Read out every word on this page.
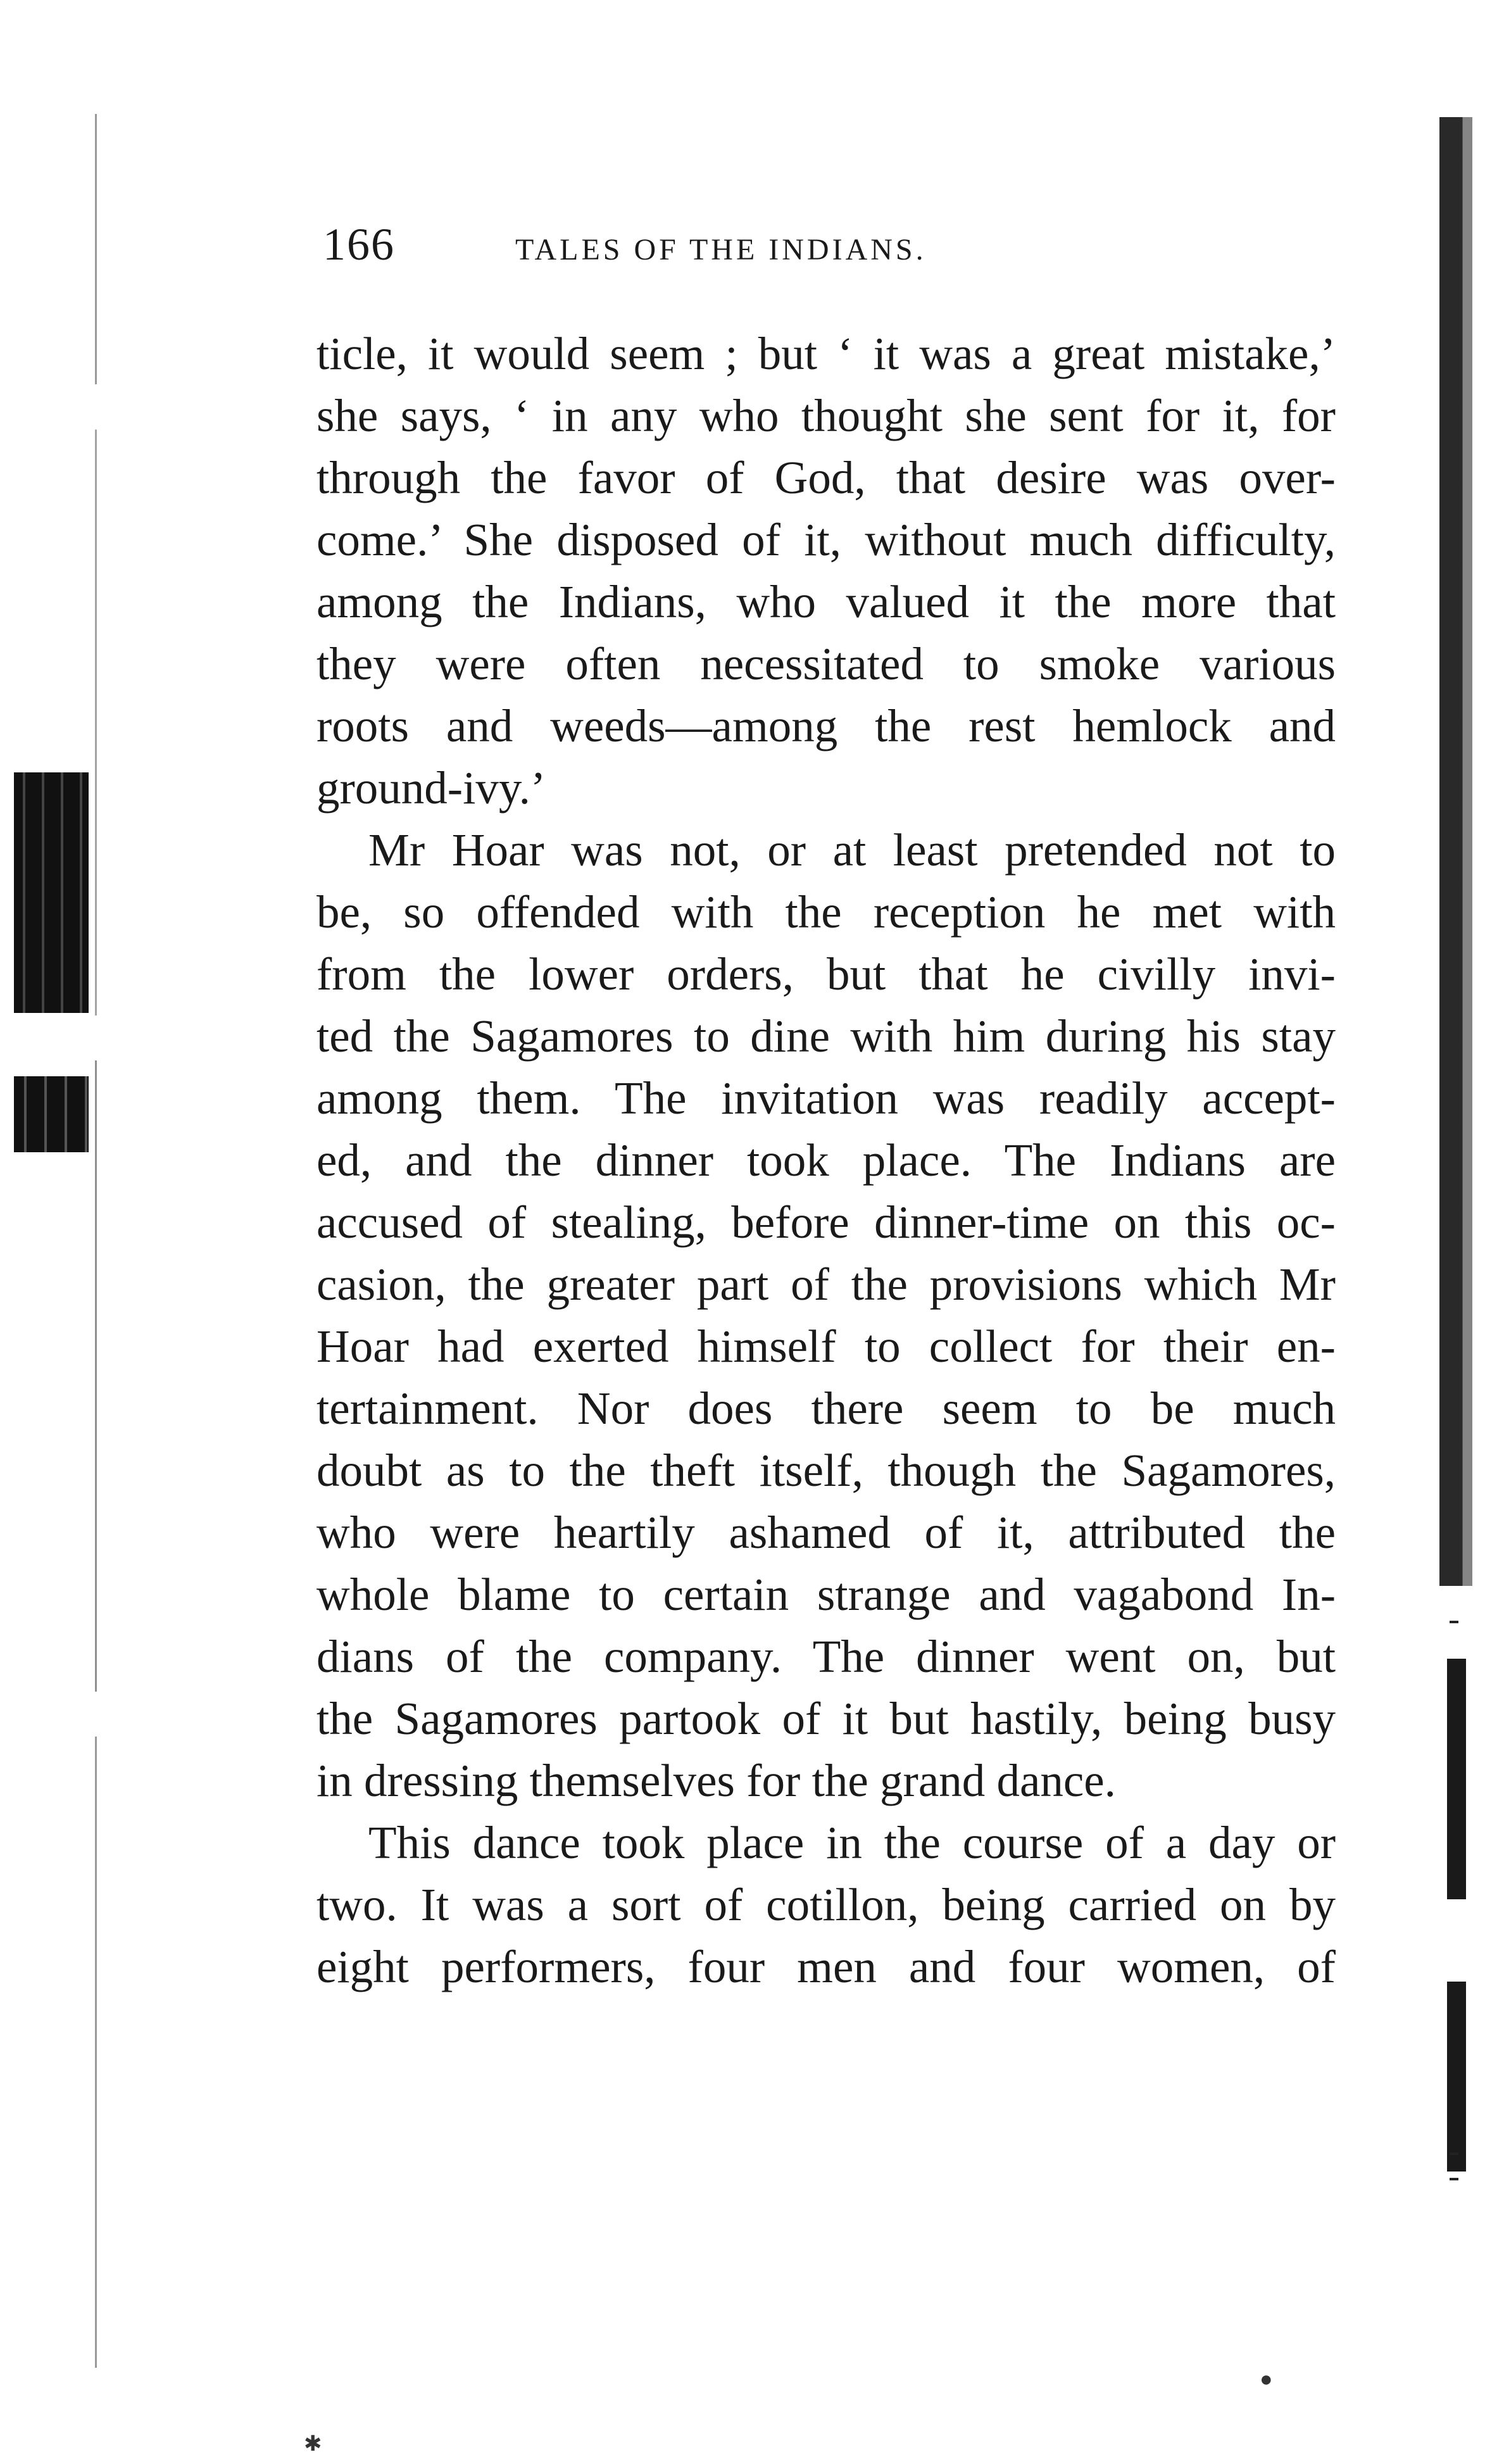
166	TALES OF THE INDIANS.
ticle, it would seem ; but ‘ it was a great mistake,’
she says, ‘ in any who thought she sent for it, for
through the favor of God, that desire was over-
come.’ She disposed of it, without much difficulty,
among the Indians, who valued it the more that
they were often necessitated to smoke various
roots and weeds—among the rest hemlock and
ground-ivy.’
Mr Hoar was not, or at least pretended not to
be, so offended with the reception he met with
from the lower orders, but that he civilly invi-
ted the Sagamores to dine with him during his stay
among them. The invitation was readily accept-
ed, and the dinner took place. The Indians are
accused of stealing, before dinner-time on this oc-
casion, the greater part of the provisions which Mr
Hoar had exerted himself to collect for their en-
tertainment. Nor does there seem to be much
doubt as to the theft itself, though the Sagamores,
who were heartily ashamed of it, attributed the
whole blame to certain strange and vagabond In-
dians of the company. The dinner went on, but
the Sagamores partook of it but hastily, being busy
in dressing themselves for the grand dance.
This dance took place in the course of a day or
two. It was a sort of cotillon, being carried on by
eight performers, four men and four women, of
●
✱
